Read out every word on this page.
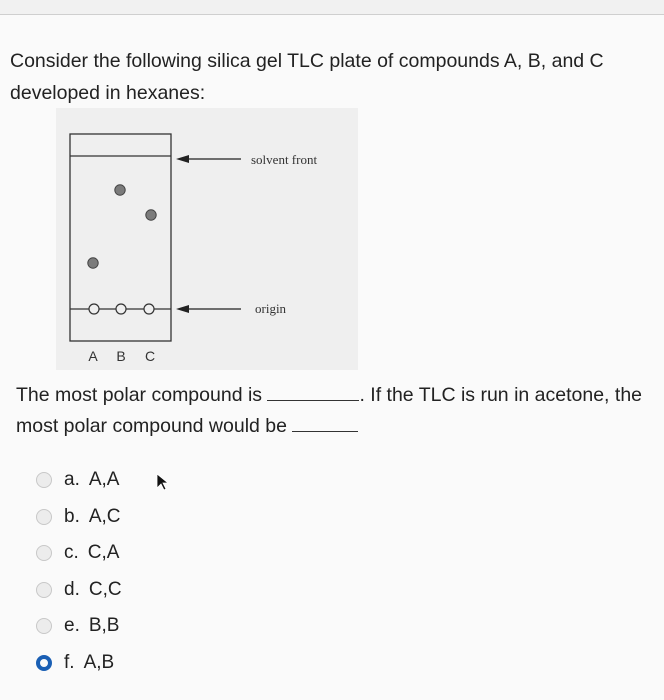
Consider the following silica gel TLC plate of compounds A, B, and C developed in hexanes:

solvent front
origin
A B C

The most polar compound is	. If the TLC is run in acetone, the most polar compound would be

a. A,A
b. A,C
c. C,A
d. C,C
e. B,B
f. A,B
